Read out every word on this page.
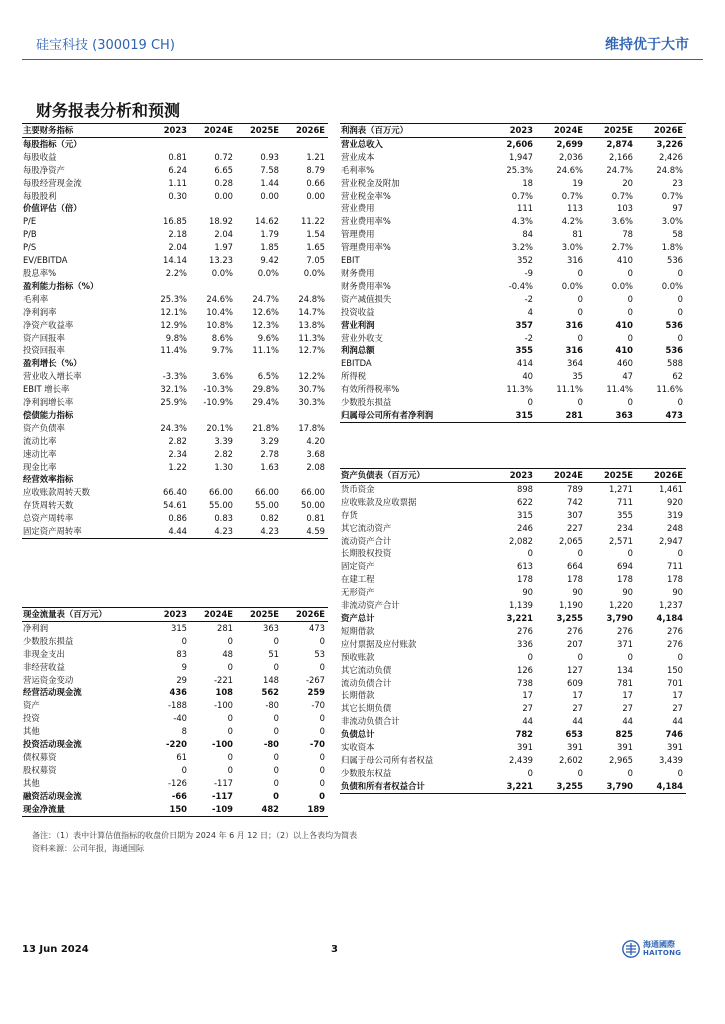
硅宝科技 (300019 CH)	维持优于大市
财务报表分析和预测
主要财务指标	2023	2024E	2025E	2026E
每股指标（元）				
每股收益	0.81	0.72	0.93	1.21
每股净资产	6.24	6.65	7.58	8.79
每股经营现金流	1.11	0.28	1.44	0.66
每股股利	0.30	0.00	0.00	0.00
价值评估（倍）				
P/E	16.85	18.92	14.62	11.22
P/B	2.18	2.04	1.79	1.54
P/S	2.04	1.97	1.85	1.65
EV/EBITDA	14.14	13.23	9.42	7.05
股息率%	2.2%	0.0%	0.0%	0.0%
盈利能力指标（%）				
毛利率	25.3%	24.6%	24.7%	24.8%
净利润率	12.1%	10.4%	12.6%	14.7%
净资产收益率	12.9%	10.8%	12.3%	13.8%
资产回报率	9.8%	8.6%	9.6%	11.3%
投资回报率	11.4%	9.7%	11.1%	12.7%
盈利增长（%）				
营业收入增长率	-3.3%	3.6%	6.5%	12.2%
EBIT 增长率	32.1%	-10.3%	29.8%	30.7%
净利润增长率	25.9%	-10.9%	29.4%	30.3%
偿债能力指标				
资产负债率	24.3%	20.1%	21.8%	17.8%
流动比率	2.82	3.39	3.29	4.20
速动比率	2.34	2.82	2.78	3.68
现金比率	1.22	1.30	1.63	2.08
经营效率指标				
应收账款周转天数	66.40	66.00	66.00	66.00
存货周转天数	54.61	55.00	55.00	50.00
总资产周转率	0.86	0.83	0.82	0.81
固定资产周转率	4.44	4.23	4.23	4.59
利润表（百万元）	2023	2024E	2025E	2026E
营业总收入	2,606	2,699	2,874	3,226
营业成本	1,947	2,036	2,166	2,426
毛利率%	25.3%	24.6%	24.7%	24.8%
营业税金及附加	18	19	20	23
营业税金率%	0.7%	0.7%	0.7%	0.7%
营业费用	111	113	103	97
营业费用率%	4.3%	4.2%	3.6%	3.0%
管理费用	84	81	78	58
管理费用率%	3.2%	3.0%	2.7%	1.8%
EBIT	352	316	410	536
财务费用	-9	0	0	0
财务费用率%	-0.4%	0.0%	0.0%	0.0%
资产减值损失	-2	0	0	0
投资收益	4	0	0	0
营业利润	357	316	410	536
营业外收支	-2	0	0	0
利润总额	355	316	410	536
EBITDA	414	364	460	588
所得税	40	35	47	62
有效所得税率%	11.3%	11.1%	11.4%	11.6%
少数股东损益	0	0	0	0
归属母公司所有者净利润	315	281	363	473
资产负债表（百万元）	2023	2024E	2025E	2026E
货币资金	898	789	1,271	1,461
应收账款及应收票据	622	742	711	920
存货	315	307	355	319
其它流动资产	246	227	234	248
流动资产合计	2,082	2,065	2,571	2,947
长期股权投资	0	0	0	0
固定资产	613	664	694	711
在建工程	178	178	178	178
无形资产	90	90	90	90
非流动资产合计	1,139	1,190	1,220	1,237
资产总计	3,221	3,255	3,790	4,184
短期借款	276	276	276	276
应付票据及应付账款	336	207	371	276
预收账款	0	0	0	0
其它流动负债	126	127	134	150
流动负债合计	738	609	781	701
长期借款	17	17	17	17
其它长期负债	27	27	27	27
非流动负债合计	44	44	44	44
负债总计	782	653	825	746
实收资本	391	391	391	391
归属于母公司所有者权益	2,439	2,602	2,965	3,439
少数股东权益	0	0	0	0
负债和所有者权益合计	3,221	3,255	3,790	4,184
现金流量表（百万元）	2023	2024E	2025E	2026E
净利润	315	281	363	473
少数股东损益	0	0	0	0
非现金支出	83	48	51	53
非经营收益	9	0	0	0
营运资金变动	29	-221	148	-267
经营活动现金流	436	108	562	259
资产	-188	-100	-80	-70
投资	-40	0	0	0
其他	8	0	0	0
投资活动现金流	-220	-100	-80	-70
债权募资	61	0	0	0
股权募资	0	0	0	0
其他	-126	-117	0	0
融资活动现金流	-66	-117	0	0
现金净流量	150	-109	482	189
备注：（1）表中计算估值指标的收盘价日期为 2024 年 6 月 12 日；（2）以上各表均为简表
资料来源：公司年报，海通国际
13 Jun 2024	3	海通國際
HAITONG
